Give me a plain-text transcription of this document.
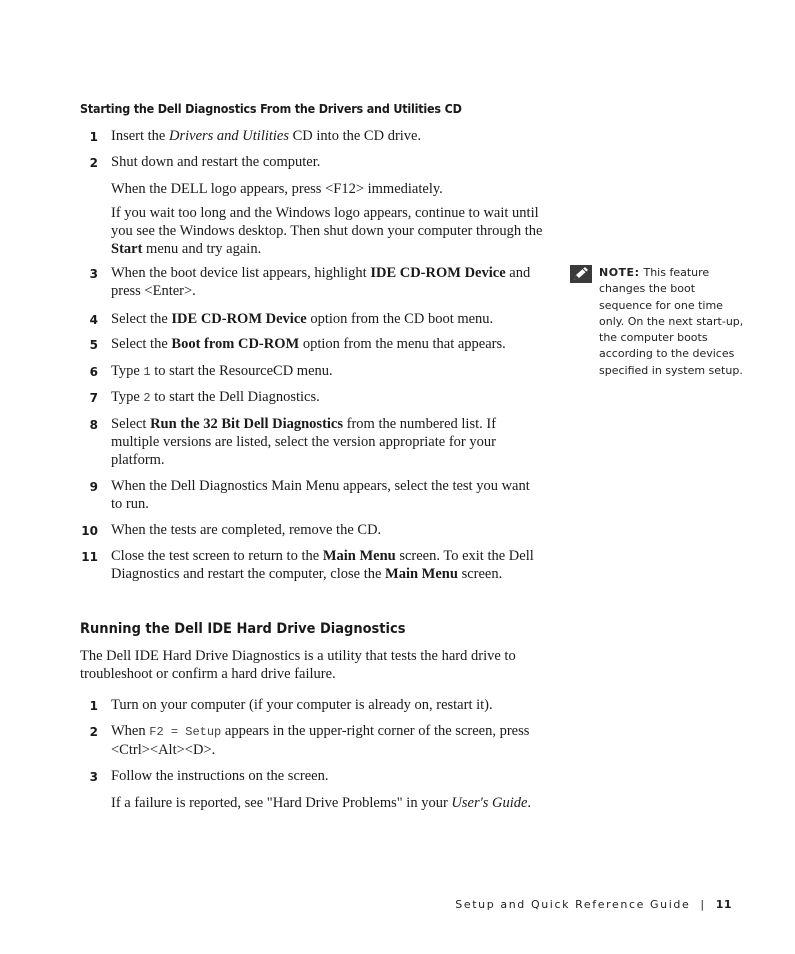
Starting the Dell Diagnostics From the Drivers and Utilities CD
1 Insert the Drivers and Utilities CD into the CD drive.
2 Shut down and restart the computer.
When the DELL logo appears, press <F12> immediately.
If you wait too long and the Windows logo appears, continue to wait until you see the Windows desktop. Then shut down your computer through the Start menu and try again.
3 When the boot device list appears, highlight IDE CD-ROM Device and press <Enter>.
4 Select the IDE CD-ROM Device option from the CD boot menu.
5 Select the Boot from CD-ROM option from the menu that appears.
6 Type 1 to start the ResourceCD menu.
7 Type 2 to start the Dell Diagnostics.
8 Select Run the 32 Bit Dell Diagnostics from the numbered list. If multiple versions are listed, select the version appropriate for your platform.
9 When the Dell Diagnostics Main Menu appears, select the test you want to run.
10 When the tests are completed, remove the CD.
11 Close the test screen to return to the Main Menu screen. To exit the Dell Diagnostics and restart the computer, close the Main Menu screen.
Running the Dell IDE Hard Drive Diagnostics
The Dell IDE Hard Drive Diagnostics is a utility that tests the hard drive to troubleshoot or confirm a hard drive failure.
1 Turn on your computer (if your computer is already on, restart it).
2 When F2 = Setup appears in the upper-right corner of the screen, press <Ctrl><Alt><D>.
3 Follow the instructions on the screen.
If a failure is reported, see "Hard Drive Problems" in your User's Guide.
NOTE: This feature changes the boot sequence for one time only. On the next start-up, the computer boots according to the devices specified in system setup.
Setup and Quick Reference Guide | 11
